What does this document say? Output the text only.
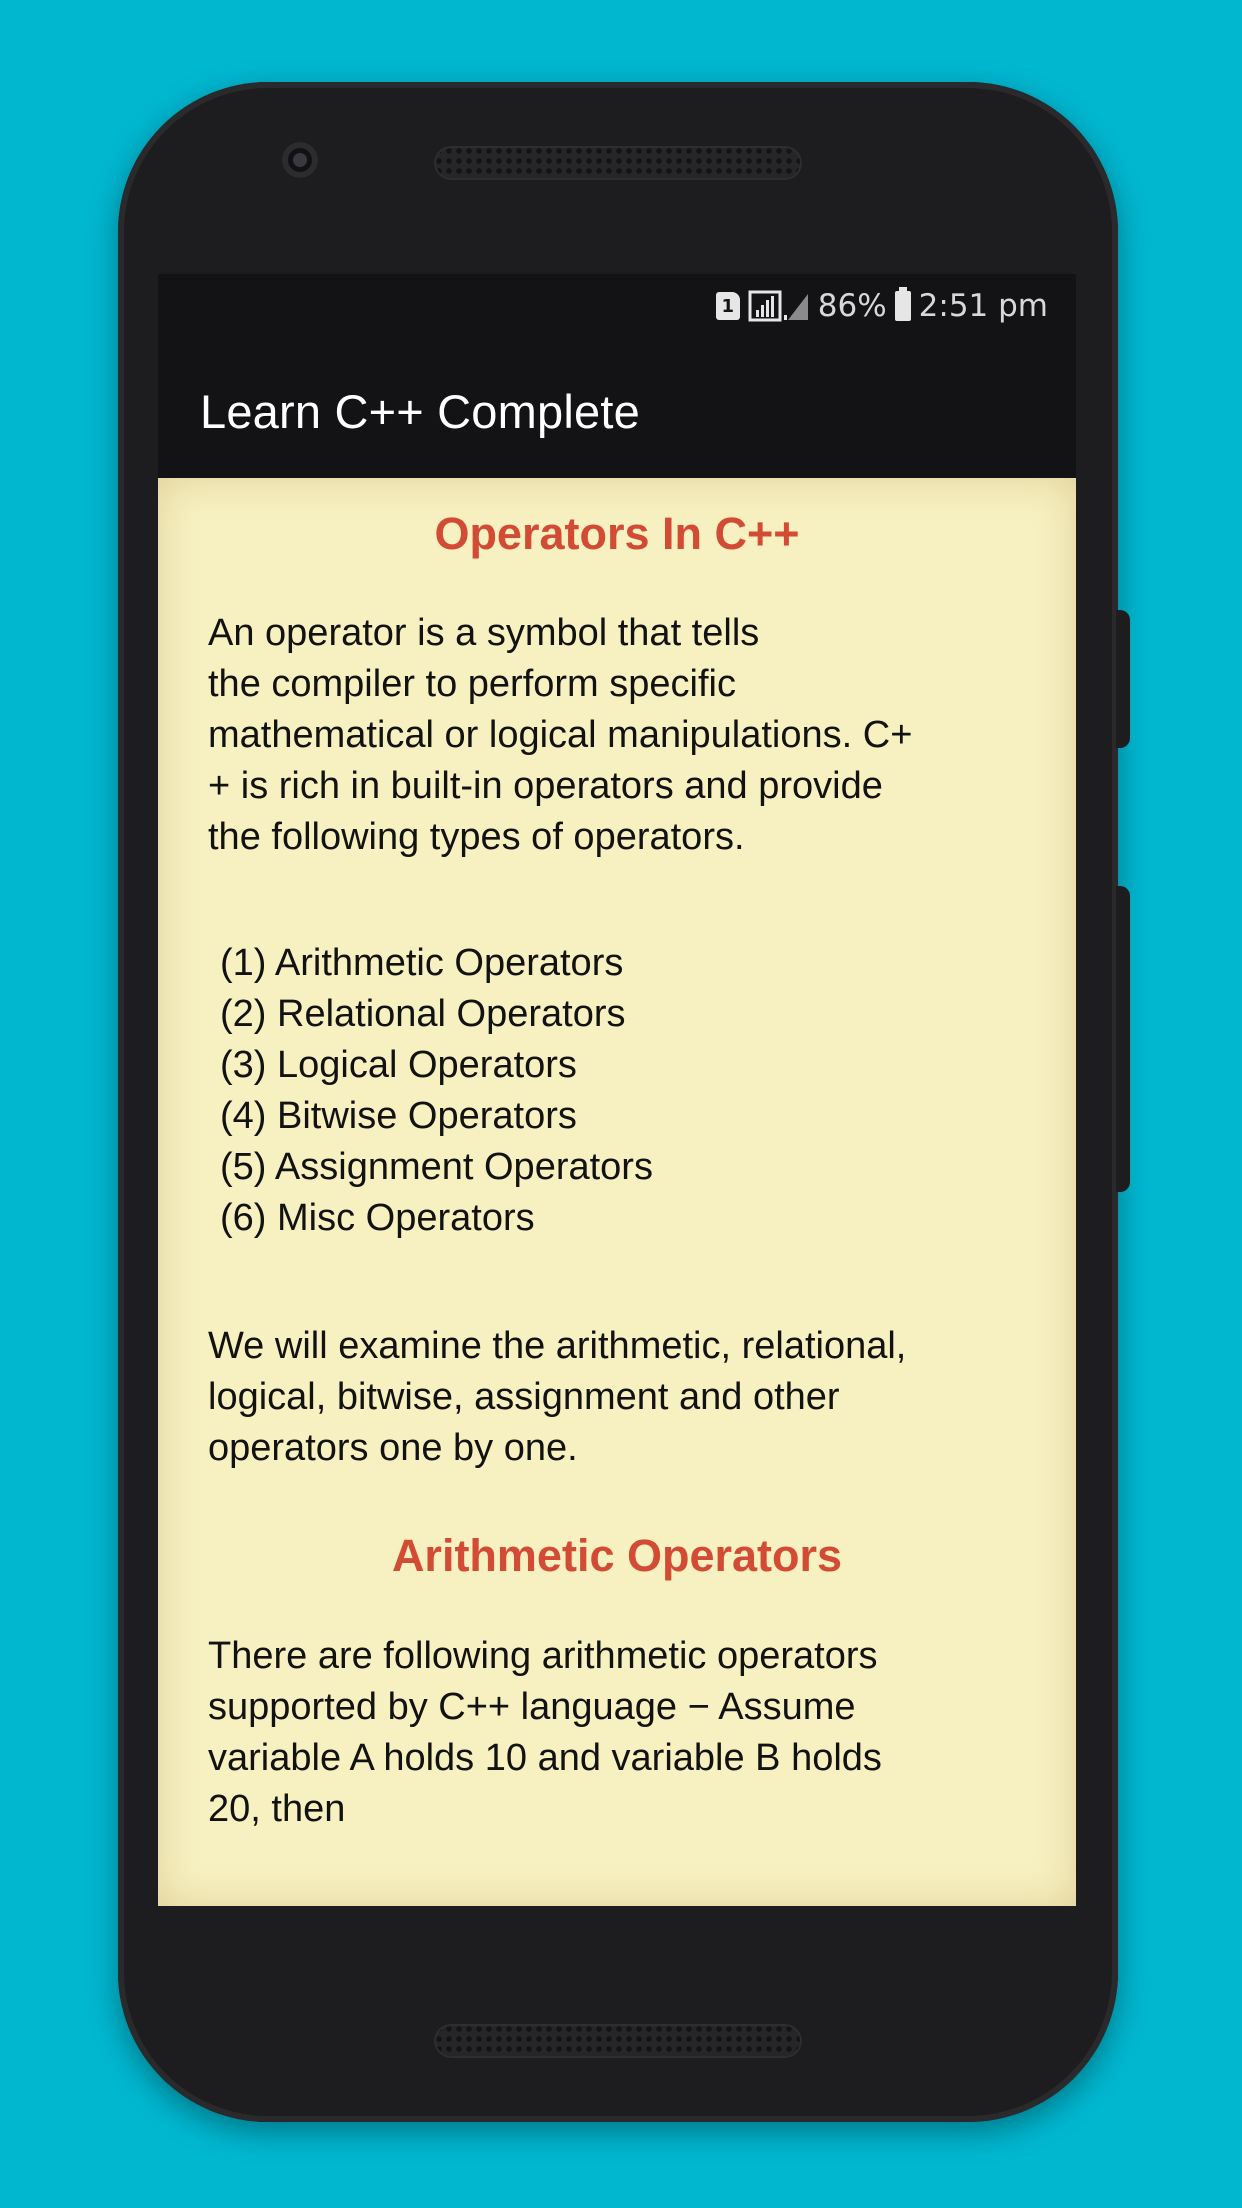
1	86% 2:51 pm
Learn C++ Complete
Operators In C++
An operator is a symbol that tells
the compiler to perform specific
mathematical or logical manipulations. C+
+ is rich in built-in operators and provide
the following types of operators.
(1) Arithmetic Operators
(2) Relational Operators
(3) Logical Operators
(4) Bitwise Operators
(5) Assignment Operators
(6) Misc Operators
We will examine the arithmetic, relational,
logical, bitwise, assignment and other
operators one by one.
Arithmetic Operators
There are following arithmetic operators
supported by C++ language − Assume
variable A holds 10 and variable B holds
20, then
